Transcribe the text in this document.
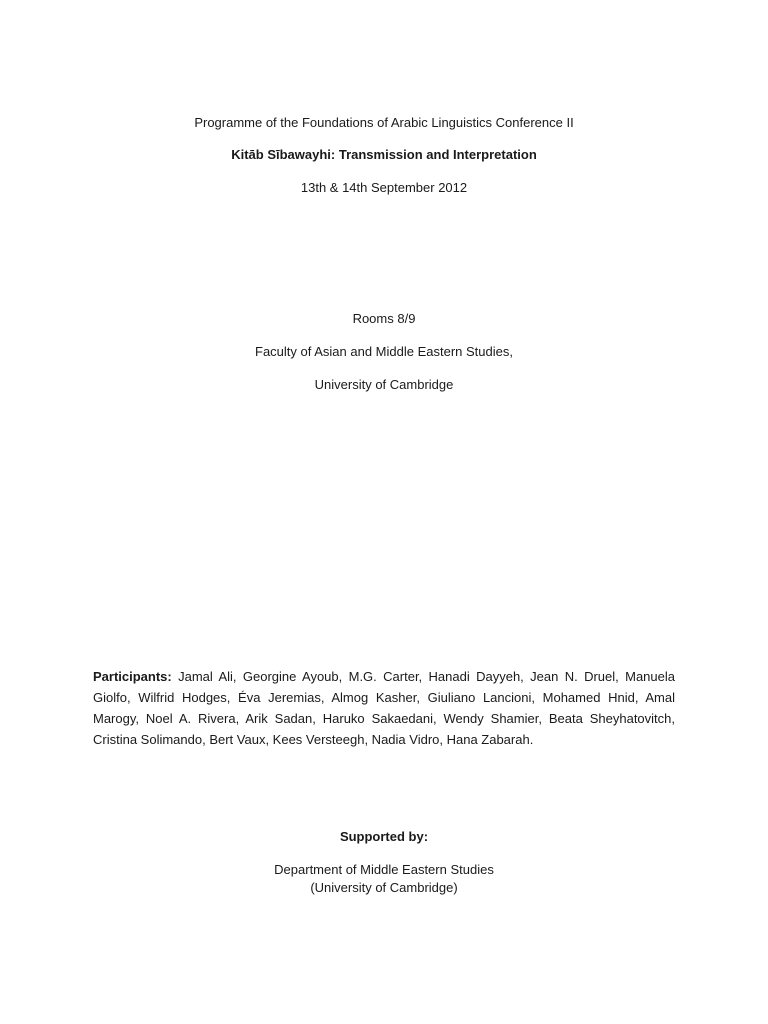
Programme of the Foundations of Arabic Linguistics Conference II
Kitāb Sībawayhi: Transmission and Interpretation
13th & 14th September 2012
Rooms 8/9
Faculty of Asian and Middle Eastern Studies,
University of Cambridge
Participants: Jamal Ali, Georgine Ayoub, M.G. Carter, Hanadi Dayyeh, Jean N. Druel, Manuela Giolfo, Wilfrid Hodges, Éva Jeremias, Almog Kasher, Giuliano Lancioni, Mohamed Hnid, Amal Marogy, Noel A. Rivera, Arik Sadan, Haruko Sakaedani, Wendy Shamier, Beata Sheyhatovitch, Cristina Solimando, Bert Vaux, Kees Versteegh, Nadia Vidro, Hana Zabarah.
Supported by:
Department of Middle Eastern Studies
(University of Cambridge)
